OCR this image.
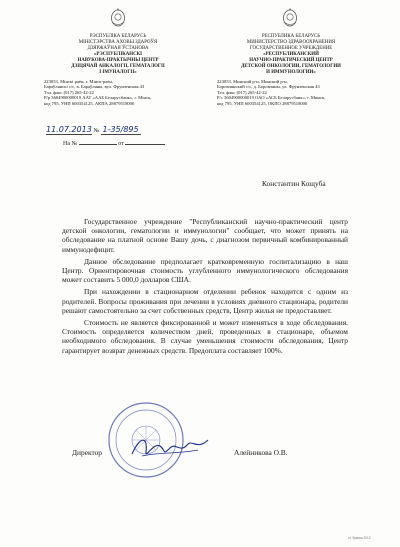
РЭСПУБЛІКА БЕЛАРУСЬ
МІНІСТЭРСТВА АХОВЫ ЗДАРОЎЯ
ДЗЯРЖАЎНАЯ ЎСТАНОВА
«РЭСПУБЛІКАНСКІ
НАВУКОВА-ПРАКТЫЧНЫ ЦЕНТР
ДЗІЦЯЧАЙ АНКАЛОГІІ, ГЕМАТАЛОГІІ
І ІМУНАЛОГІІ»
223053, Мінскі раён, г. Мінск-раён,
Бараўлянскі с/с, в. Бараўляны, вул. Фрунзенская 43
Тэл. факс (017) 265-42-22
Р/р 3604900000019 ААТ «ААБ Беларусбанк», г. Мінск,
код 795, УНП 600354125, АКПА 28879518000
РЕСПУБЛИКА БЕЛАРУСЬ
МИНИСТЕРСТВО ЗДРАВООХРАНЕНИЯ
ГОСУДАРСТВЕННОЕ УЧРЕЖДЕНИЕ
«РЕСПУБЛИКАНСКИЙ
НАУЧНО-ПРАКТИЧЕСКИЙ ЦЕНТР
ДЕТСКОЙ ОНКОЛОГИИ, ГЕМАТОЛОГИИ
И ИММУНОЛОГИИ»
223053, Минский р-н, Минский р-н,
Боровлянский с/с, д. Боровляны, ул. Фрунзенская 43
Тел. факс (017) 265-42-22
Р/с 3604900000019 ОАО «АСБ Беларусбанк», г. Минск,
код 795, УНП 600354125, ОКПО 28879518000
11.07.2013 № 1-35/895
На №	от
Константин Кощуба

Государственное учреждение "Республиканский научно-практический центр детской онкологии, гематологии и иммунологии" сообщает, что может принять на обследование на платной основе Вашу дочь, с диагнозом первичный комбинированный иммунодефицит.

Данное обследование предполагает кратковременную госпитализацию в наш Центр. Ориентировочная стоимость углубленного иммунологического обследования может составить 5 000,0 долларов США.

При нахождении в стационарном отделении ребенок находится с одним из родителей. Вопросы проживания при лечении в условиях дневного стационара, родители решают самостоятельно за счет собственных средств, Центр жилья не предоставляет.

Стоимость не является фиксированной и может изменяться в ходе обследования. Стоимость определяется количеством дней, проведенных в стационаре, объемом необходимого обследования. В случае уменьшения стоимости обследования, Центр гарантирует возврат денежных средств. Предоплата составляет 100%.

Директор	Алейникова О.В.
ст. бумага 2012
